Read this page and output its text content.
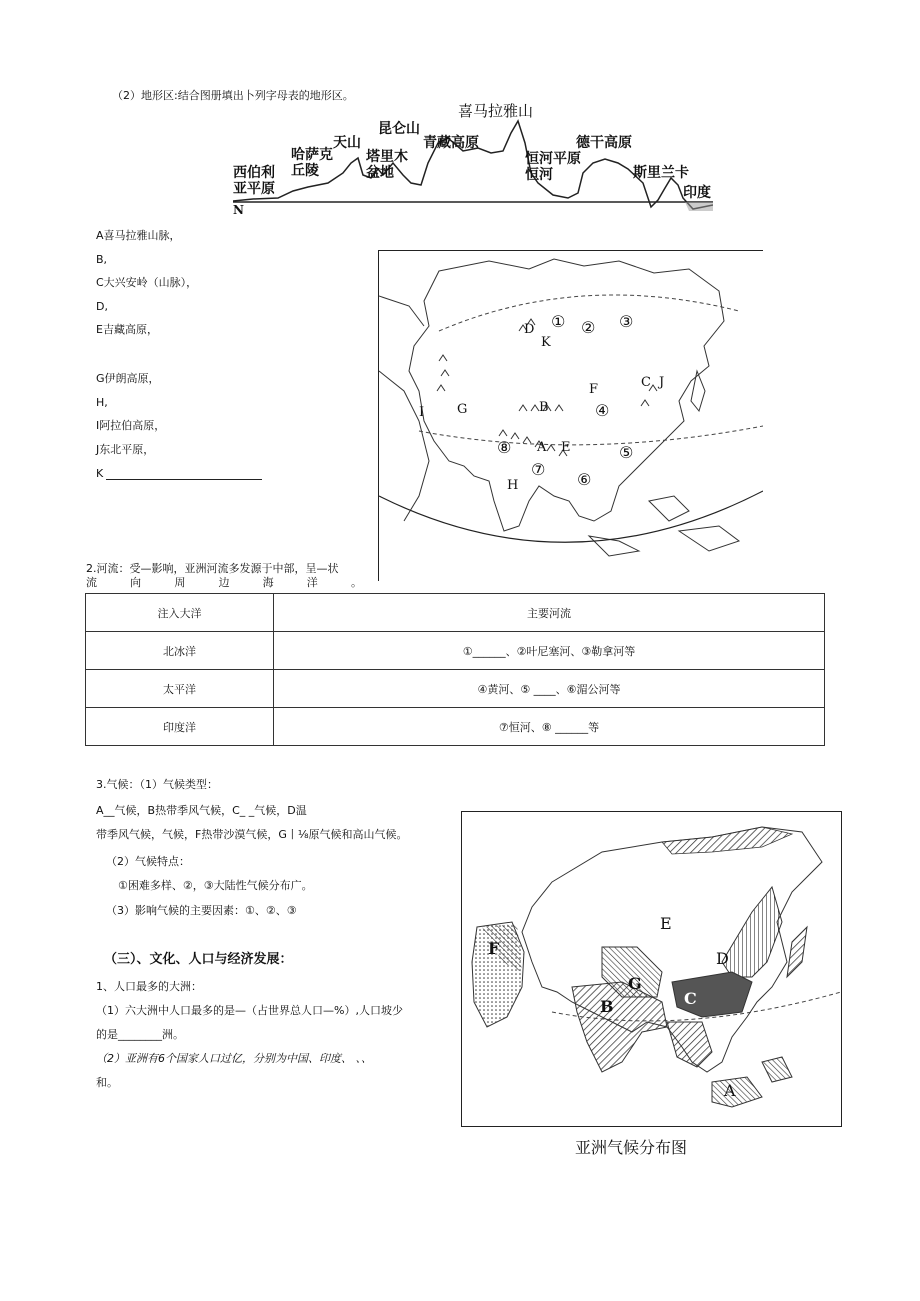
（2）地形区:结合图册填出卜列字母表的地形区。
喜马拉雅山
昆仑山
天山
塔里木
盆地
青藏高原
哈萨克
丘陵
西伯利
亚平原
恒河平原
恒河
德干高原
斯里兰卡
印度
N
A喜马拉雅山脉，
B,
C大兴安岭（山脉），
D,
E吉藏高原，
G伊朗高原，
H,
I阿拉伯高原，
J东北平原，
K
D
K
F	C J
B
A E
I	G
H
① ② ③
④
⑤
⑥
⑦
⑧
2.河流：受—影响，亚洲河流多发源于中部，呈—状
流	向	周	边	海	洋	。
注入大洋	主要河流
北冰洋	①______、②叶尼塞河、③勒拿河等
太平洋	④黄河、⑤ ____、⑥湄公河等
印度洋	⑦恒河、⑧ ______等
3.气候：（1）气候类型：
A__气候，B热带季风气候，C_ _气候，D温
带季风气候，气候，F热带沙漠气候，G丨⅛原气候和高山气候。
（2）气候特点：
①困难多样、②，③大陆性气候分布广。
（3）影响气候的主要因素：①、②、③
（三）、文化、人口与经济发展：
1、人口最多的大洲：
（1）六大洲中人口最多的是—（占世界总人口—%）,人口坡少
的是________洲。
（2）亚洲有6个国家人口过亿，分别为中国、印度、 、、
和。
E
F
D
G
C
B
A
亚洲气候分布图
